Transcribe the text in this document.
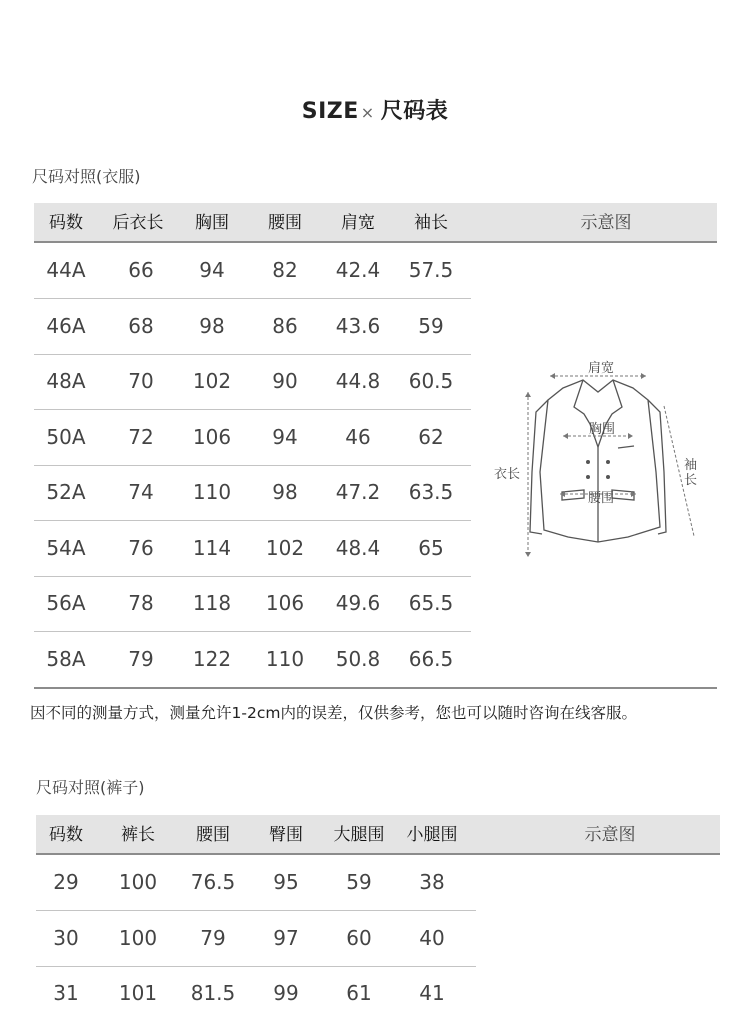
SIZE × 尺码表
尺码对照(衣服)
码数 后衣长 胸围 腰围 肩宽 袖长	示意图
44A 66 94 82 42.4 57.5
46A 68 98 86 43.6 59
48A 70 102 90 44.8 60.5
50A 72 106 94 46 62
52A 74 110 98 47.2 63.5
54A 76 114 102 48.4 65
56A 78 118 106 49.6 65.5
58A 79 122 110 50.8 66.5
肩宽
胸围
衣长
腰围
袖长
因不同的测量方式，测量允许1-2cm内的误差，仅供参考，您也可以随时咨询在线客服。
尺码对照(裤子)
码数 裤长 腰围 臀围 大腿围 小腿围	示意图
29 100 76.5 95 59 38
30 100 79 97 60 40
31 101 81.5 99 61 41
